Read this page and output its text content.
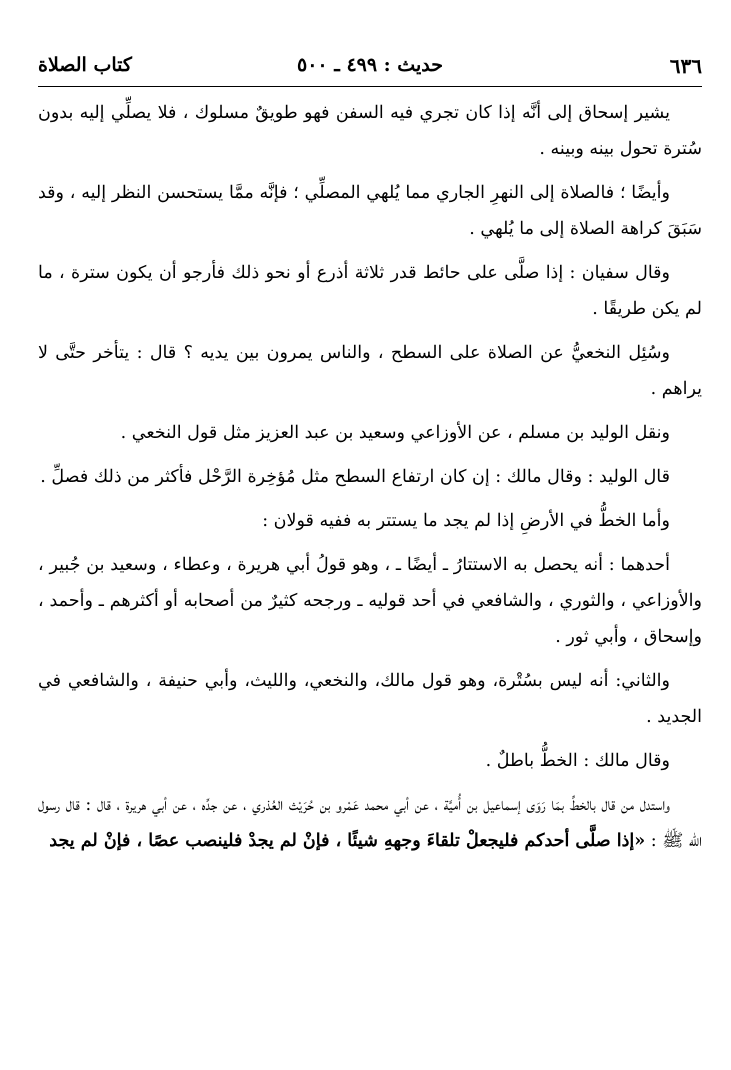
٦٣٦
حديث : ٤٩٩ ـ ٥٠٠
كتاب الصلاة

يشير إسحاق إلى أنَّه إذا كان تجري فيه السفن فهو طويقٌ مسلوك ، فلا يصلِّي إليه بدون سُترة تحول بينه وبينه .

وأيضًا ؛ فالصلاة إلى النهرِ الجاري مما يُلهي المصلِّي ؛ فإنَّه ممَّا يستحسن النظر إليه ، وقد سَبَقَ كراهة الصلاة إلى ما يُلهي .

وقال سفيان : إذا صلَّى على حائط قدر ثلاثة أذرع أو نحو ذلك فأرجو أن يكون سترة ، ما لم يكن طريقًا .

وسُئِل النخعيُّ عن الصلاة على السطح ، والناس يمرون بين يديه ؟ قال : يتأخر حتَّى لا يراهم .

ونقل الوليد بن مسلم ، عن الأوزاعي وسعيد بن عبد العزيز مثل قول النخعي .

قال الوليد : وقال مالك : إن كان ارتفاع السطح مثل مُؤخِرة الرَّحْل فأكثر من ذلك فصلِّ .

وأما الخطُّ في الأرضِ إذا لم يجد ما يستتر به ففيه قولان :

أحدهما : أنه يحصل به الاستتارُ ـ أيضًا ـ ، وهو قولُ أبي هريرة ، وعطاء ، وسعيد بن جُبير ، والأوزاعي ، والثوري ، والشافعي في أحد قوليه ـ ورجحه كثيرٌ من أصحابه أو أكثرهم ـ وأحمد ، وإسحاق ، وأبي ثور .

والثاني: أنه ليس بسُتْرة، وهو قول مالك، والنخعي، والليث، وأبي حنيفة ، والشافعي في الجديد .

وقال مالك : الخطُّ باطلٌ .

واستدل من قال بالخطِّ بمَا رَوَى إسماعيل بن أُميَّة ، عن أبي محمد عَمْرو بن حُرَيْث العُذري ، عن جدِّه ، عن أبي هريرة ، قال : قال رسول الله ﷺ : «إذا صلَّى أحدكم فليجعلْ تلقاءَ وجههِ شيئًا ، فإنْ لم يجدْ فلينصب عصًا ، فإنْ لم يجد
